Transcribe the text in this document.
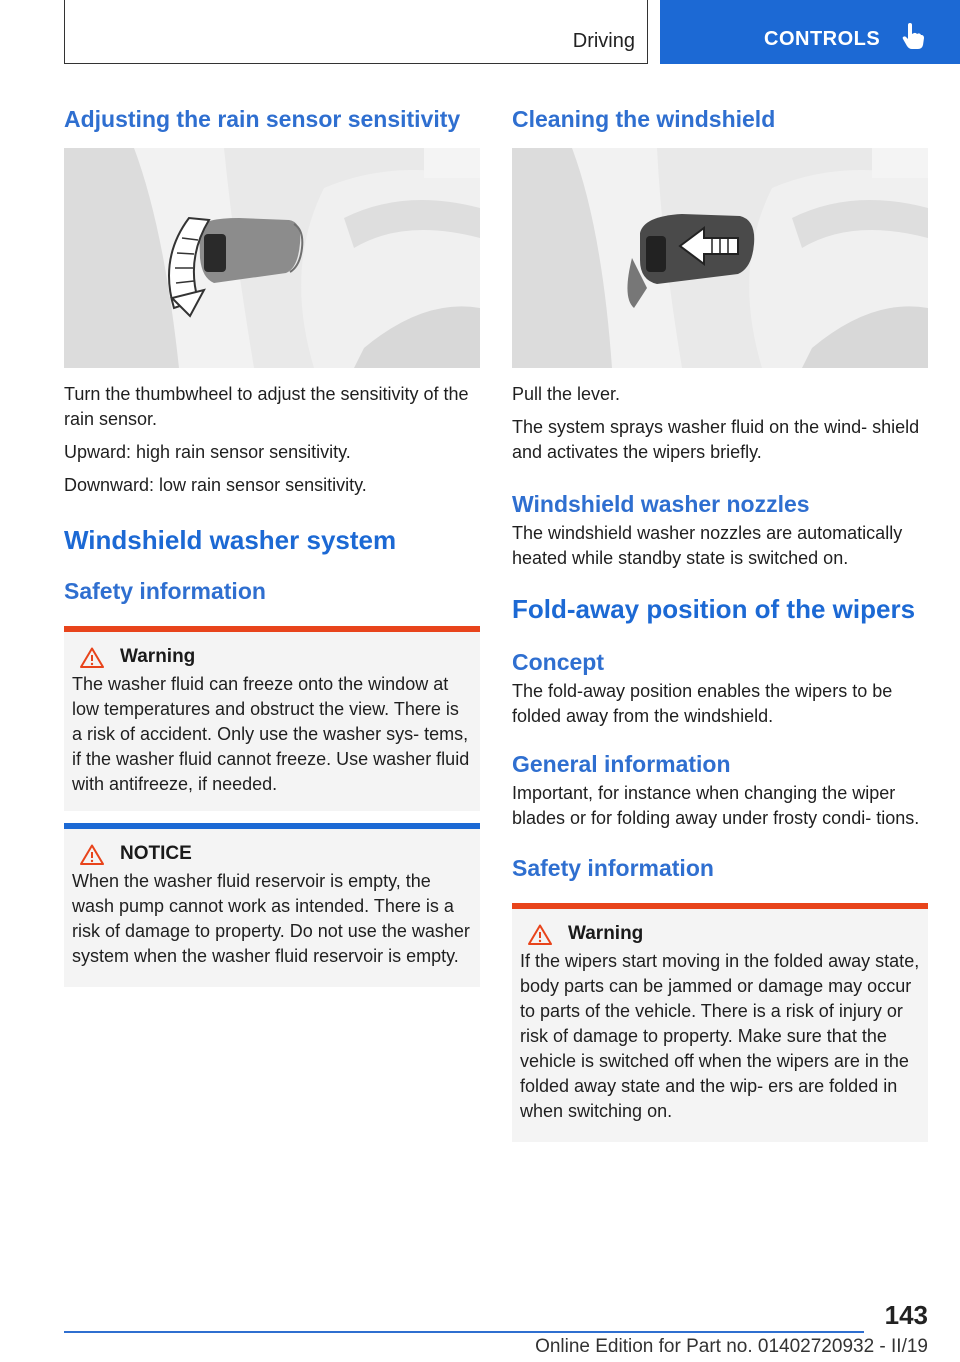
Driving	CONTROLS
Adjusting the rain sensor sensitivity

Turn the thumbwheel to adjust the sensitivity of the rain sensor.

Upward: high rain sensor sensitivity.

Downward: low rain sensor sensitivity.

Windshield washer system
Safety information
Warning

The washer fluid can freeze onto the window at low temperatures and obstruct the view. There is a risk of accident. Only use the washer sys‐ tems, if the washer fluid cannot freeze. Use washer fluid with antifreeze, if needed.

NOTICE

When the washer fluid reservoir is empty, the wash pump cannot work as intended. There is a risk of damage to property. Do not use the washer system when the washer fluid reservoir is empty.

Cleaning the windshield

Pull the lever.

The system sprays washer fluid on the wind‐ shield and activates the wipers briefly.

Windshield washer nozzles

The windshield washer nozzles are automatically heated while standby state is switched on.

Fold-away position of the wipers
Concept

The fold-away position enables the wipers to be folded away from the windshield.

General information

Important, for instance when changing the wiper blades or for folding away under frosty condi‐ tions.

Safety information
Warning

If the wipers start moving in the folded away state, body parts can be jammed or damage may occur to parts of the vehicle. There is a risk of injury or risk of damage to property. Make sure that the vehicle is switched off when the wipers are in the folded away state and the wip‐ ers are folded in when switching on.

143
Online Edition for Part no. 01402720932 - II/19
